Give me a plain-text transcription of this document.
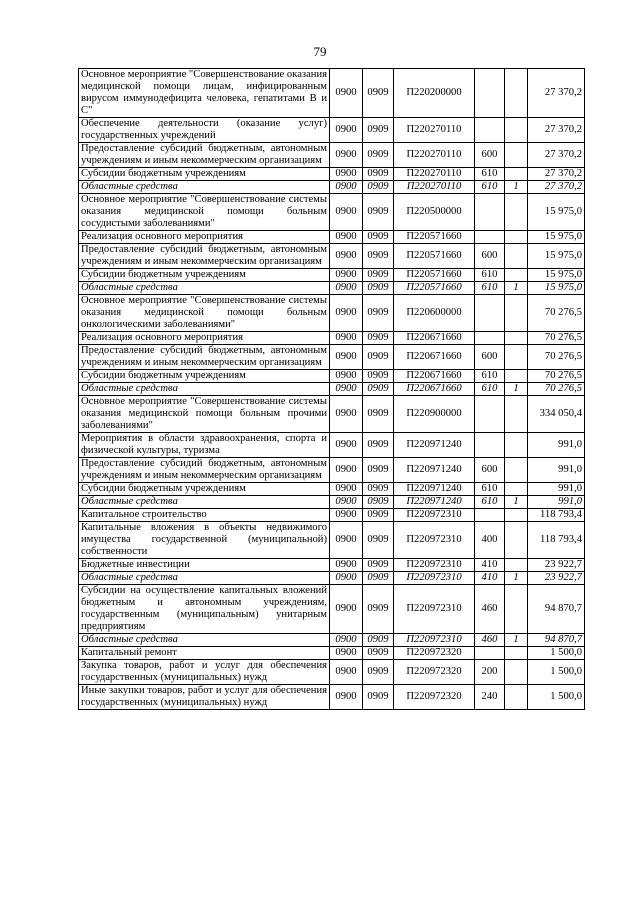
79
Основное мероприятие "Совершенствование оказания медицинской помощи лицам, инфицированным вирусом иммунодефицита человека, гепатитами В и С"	0900	0909	П220200000			27 370,2
Обеспечение деятельности (оказание услуг) государственных учреждений	0900	0909	П220270110			27 370,2
Предоставление субсидий бюджетным, автономным учреждениям и иным некоммерческим организациям	0900	0909	П220270110	600		27 370,2
Субсидии бюджетным учреждениям	0900	0909	П220270110	610		27 370,2
Областные средства	0900	0909	П220270110	610	1	27 370,2
Основное мероприятие "Совершенствование системы оказания медицинской помощи больным сосудистыми заболеваниями"	0900	0909	П220500000			15 975,0
Реализация основного мероприятия	0900	0909	П220571660			15 975,0
Предоставление субсидий бюджетным, автономным учреждениям и иным некоммерческим организациям	0900	0909	П220571660	600		15 975,0
Субсидии бюджетным учреждениям	0900	0909	П220571660	610		15 975,0
Областные средства	0900	0909	П220571660	610	1	15 975,0
Основное мероприятие "Совершенствование системы оказания медицинской помощи больным онкологическими заболеваниями"	0900	0909	П220600000			70 276,5
Реализация основного мероприятия	0900	0909	П220671660			70 276,5
Предоставление субсидий бюджетным, автономным учреждениям и иным некоммерческим организациям	0900	0909	П220671660	600		70 276,5
Субсидии бюджетным учреждениям	0900	0909	П220671660	610		70 276,5
Областные средства	0900	0909	П220671660	610	1	70 276,5
Основное мероприятие "Совершенствование системы оказания медицинской помощи больным прочими заболеваниями"	0900	0909	П220900000			334 050,4
Мероприятия в области здравоохранения, спорта и физической культуры, туризма	0900	0909	П220971240			991,0
Предоставление субсидий бюджетным, автономным учреждениям и иным некоммерческим организациям	0900	0909	П220971240	600		991,0
Субсидии бюджетным учреждениям	0900	0909	П220971240	610		991,0
Областные средства	0900	0909	П220971240	610	1	991,0
Капитальное строительство	0900	0909	П220972310			118 793,4
Капитальные вложения в объекты недвижимого имущества государственной (муниципальной) собственности	0900	0909	П220972310	400		118 793,4
Бюджетные инвестиции	0900	0909	П220972310	410		23 922,7
Областные средства	0900	0909	П220972310	410	1	23 922,7
Субсидии на осуществление капитальных вложений бюджетным и автономным учреждениям, государственным (муниципальным) унитарным предприятиям	0900	0909	П220972310	460		94 870,7
Областные средства	0900	0909	П220972310	460	1	94 870,7
Капитальный ремонт	0900	0909	П220972320			1 500,0
Закупка товаров, работ и услуг для обеспечения государственных (муниципальных) нужд	0900	0909	П220972320	200		1 500,0
Иные закупки товаров, работ и услуг для обеспечения государственных (муниципальных) нужд	0900	0909	П220972320	240		1 500,0
